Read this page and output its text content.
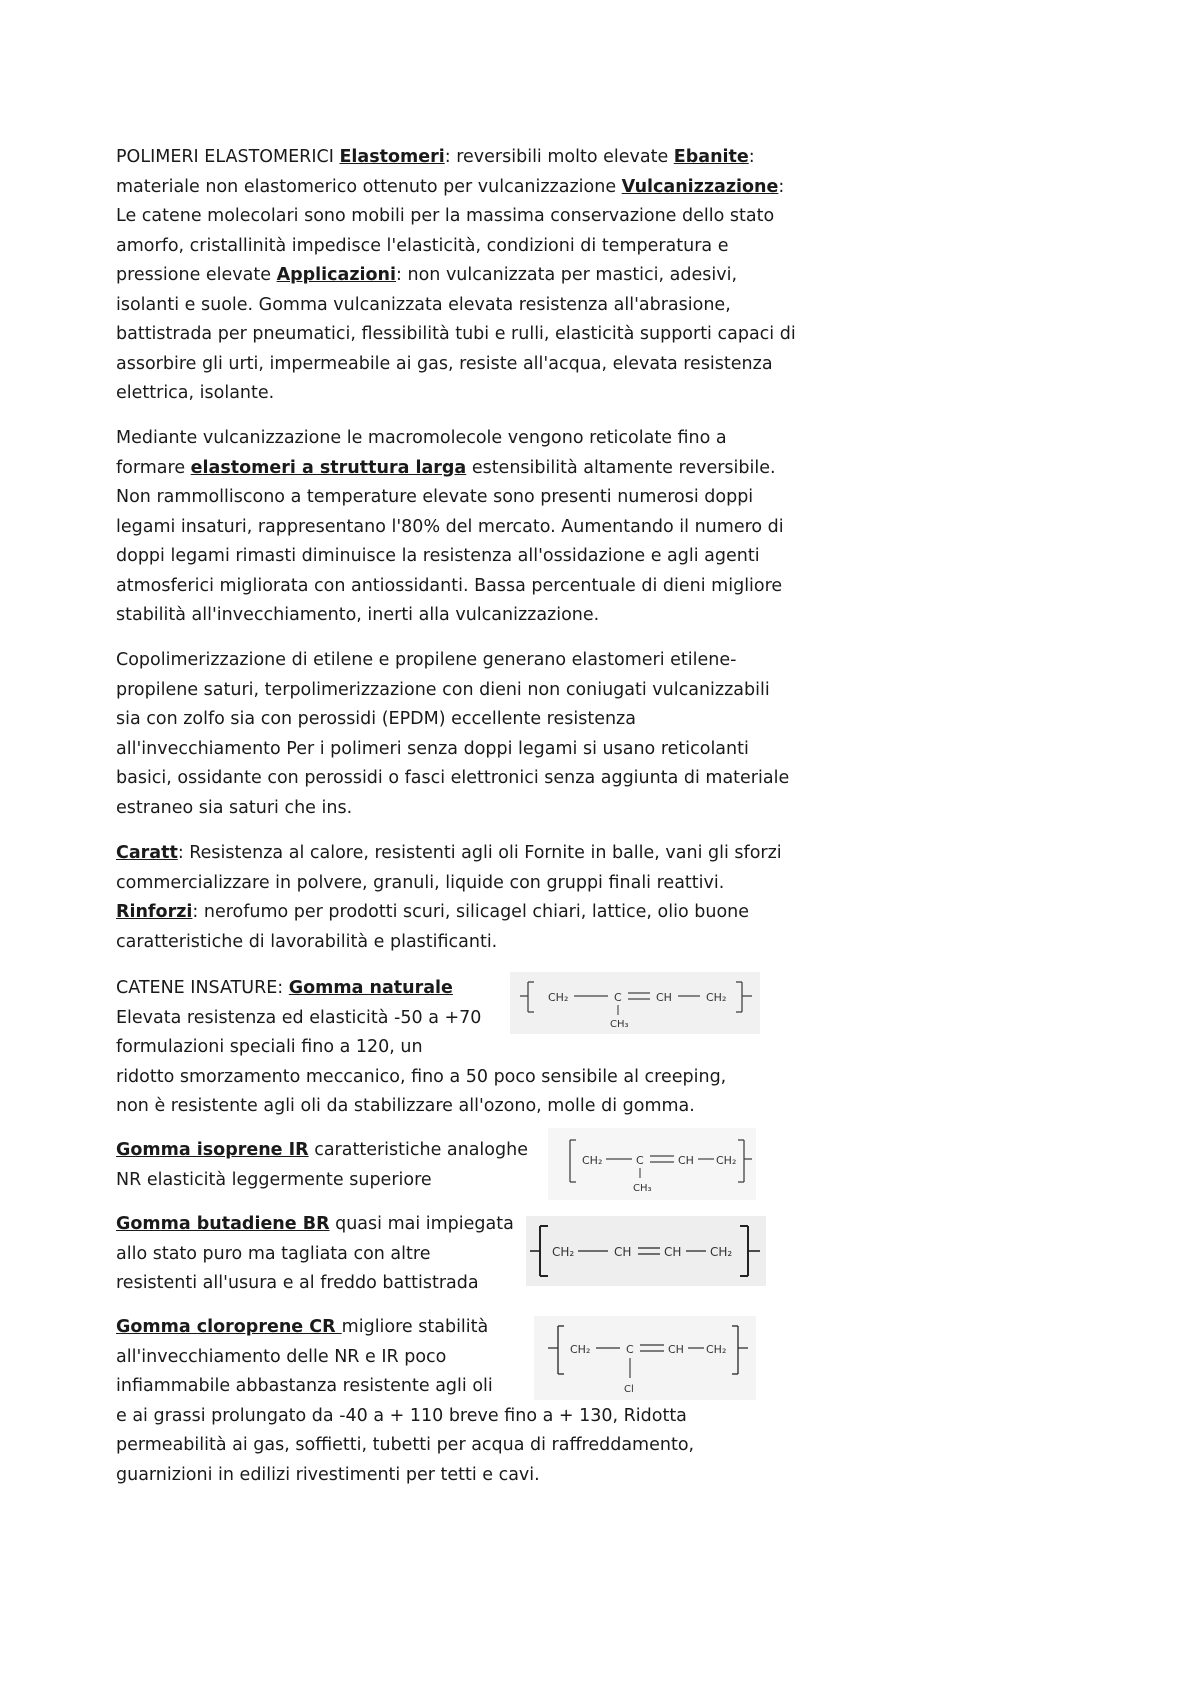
POLIMERI ELASTOMERICI Elastomeri: reversibili molto elevate Ebanite: materiale non elastomerico ottenuto per vulcanizzazione Vulcanizzazione: Le catene molecolari sono mobili per la massima conservazione dello stato amorfo, cristallinità impedisce l'elasticità, condizioni di temperatura e pressione elevate Applicazioni: non vulcanizzata per mastici, adesivi, isolanti e suole. Gomma vulcanizzata elevata resistenza all'abrasione, battistrada per pneumatici, flessibilità tubi e rulli, elasticità supporti capaci di assorbire gli urti, impermeabile ai gas, resiste all'acqua, elevata resistenza elettrica, isolante.

Mediante vulcanizzazione le macromolecole vengono reticolate fino a formare elastomeri a struttura larga estensibilità altamente reversibile. Non rammolliscono a temperature elevate sono presenti numerosi doppi legami insaturi, rappresentano l'80% del mercato. Aumentando il numero di doppi legami rimasti diminuisce la resistenza all'ossidazione e agli agenti atmosferici migliorata con antiossidanti. Bassa percentuale di dieni migliore stabilità all'invecchiamento, inerti alla vulcanizzazione.

Copolimerizzazione di etilene e propilene generano elastomeri etilene-propilene saturi, terpolimerizzazione con dieni non coniugati vulcanizzabili sia con zolfo sia con perossidi (EPDM) eccellente resistenza all'invecchiamento Per i polimeri senza doppi legami si usano reticolanti basici, ossidante con perossidi o fasci elettronici senza aggiunta di materiale estraneo sia saturi che ins.

Caratt: Resistenza al calore, resistenti agli oli Fornite in balle, vani gli sforzi commercializzare in polvere, granuli, liquide con gruppi finali reattivi. Rinforzi: nerofumo per prodotti scuri, silicagel chiari, lattice, olio buone caratteristiche di lavorabilità e plastificanti.

CATENE INSATURE: Gomma naturale

Elevata resistenza ed elasticità -50 a +70

formulazioni speciali fino a 120, un

ridotto smorzamento meccanico, fino a 50 poco sensibile al creeping,

non è resistente agli oli da stabilizzare all'ozono, molle di gomma.

Gomma isoprene IR caratteristiche analoghe

NR elasticità leggermente superiore

Gomma butadiene BR quasi mai impiegata

allo stato puro ma tagliata con altre

resistenti all'usura e al freddo battistrada

Gomma cloroprene CR migliore stabilità

all'invecchiamento delle NR e IR poco

infiammabile abbastanza resistente agli oli

e ai grassi prolungato da -40 a + 110 breve fino a + 130, Ridotta

permeabilità ai gas, soffietti, tubetti per acqua di raffreddamento,

guarnizioni in edilizi rivestimenti per tetti e cavi.

CH₂	C	CH	CH₂
CH₃
CH₂	C	CH CH₂
CH₃
CH₂	CH	CH CH₂
CH₂	C	CH CH₂
Cl
